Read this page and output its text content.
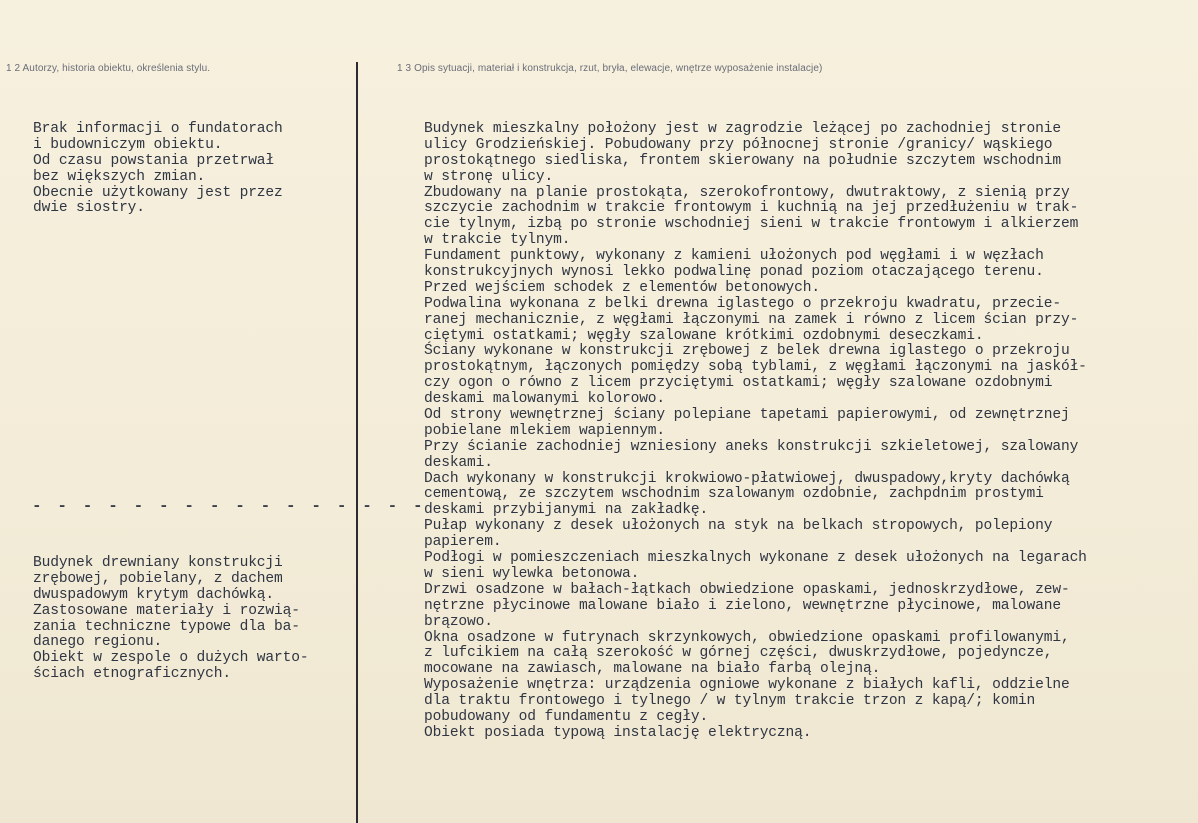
1 2 Autorzy, historia obiektu, określenia stylu.	1 3 Opis sytuacji, materiał i konstrukcja, rzut, bryła, elewacje, wnętrze wyposażenie instalacje)
Brak informacji o fundatorach
i budowniczym obiektu.
Od czasu powstania przetrwał
bez większych zmian.
Obecnie użytkowany jest przez
dwie siostry.
- - - - - - - - - - - - - - - -
Budynek drewniany konstrukcji
zrębowej, pobielany, z dachem
dwuspadowym krytym dachówką.
Zastosowane materiały i rozwią-
zania techniczne typowe dla ba-
danego regionu.
Obiekt w zespole o dużych warto-
ściach etnograficznych.
Budynek mieszkalny położony jest w zagrodzie leżącej po zachodniej stronie
ulicy Grodzieńskiej. Pobudowany przy północnej stronie /granicy/ wąskiego
prostokątnego siedliska, frontem skierowany na południe szczytem wschodnim
w stronę ulicy.
Zbudowany na planie prostokąta, szerokofrontowy, dwutraktowy, z sienią przy
szczycie zachodnim w trakcie frontowym i kuchnią na jej przedłużeniu w trak-
cie tylnym, izbą po stronie wschodniej sieni w trakcie frontowym i alkierzem
w trakcie tylnym.
Fundament punktowy, wykonany z kamieni ułożonych pod węgłami i w węzłach
konstrukcyjnych wynosi lekko podwalinę ponad poziom otaczającego terenu.
Przed wejściem schodek z elementów betonowych.
Podwalina wykonana z belki drewna iglastego o przekroju kwadratu, przecie-
ranej mechanicznie, z węgłami łączonymi na zamek i równo z licem ścian przy-
ciętymi ostatkami; węgły szalowane krótkimi ozdobnymi deseczkami.
Ściany wykonane w konstrukcji zrębowej z belek drewna iglastego o przekroju
prostokątnym, łączonych pomiędzy sobą tyblami, z węgłami łączonymi na jaskół-
czy ogon o równo z licem przyciętymi ostatkami; węgły szalowane ozdobnymi
deskami malowanymi kolorowo.
Od strony wewnętrznej ściany polepiane tapetami papierowymi, od zewnętrznej
pobielane mlekiem wapiennym.
Przy ścianie zachodniej wzniesiony aneks konstrukcji szkieletowej, szalowany
deskami.
Dach wykonany w konstrukcji krokwiowo-płatwiowej, dwuspadowy,kryty dachówką
cementową, ze szczytem wschodnim szalowanym ozdobnie, zachpdnim prostymi
deskami przybijanymi na zakładkę.
Pułap wykonany z desek ułożonych na styk na belkach stropowych, polepiony
papierem.
Podłogi w pomieszczeniach mieszkalnych wykonane z desek ułożonych na legarach
w sieni wylewka betonowa.
Drzwi osadzone w bałach-łątkach obwiedzione opaskami, jednoskrzydłowe, zew-
nętrzne płycinowe malowane biało i zielono, wewnętrzne płycinowe, malowane
brązowo.
Okna osadzone w futrynach skrzynkowych, obwiedzione opaskami profilowanymi,
z lufcikiem na całą szerokość w górnej części, dwuskrzydłowe, pojedyncze,
mocowane na zawiasch, malowane na biało farbą olejną.
Wyposażenie wnętrza: urządzenia ogniowe wykonane z białych kafli, oddzielne
dla traktu frontowego i tylnego / w tylnym trakcie trzon z kapą/; komin
pobudowany od fundamentu z cegły.
Obiekt posiada typową instalację elektryczną.
